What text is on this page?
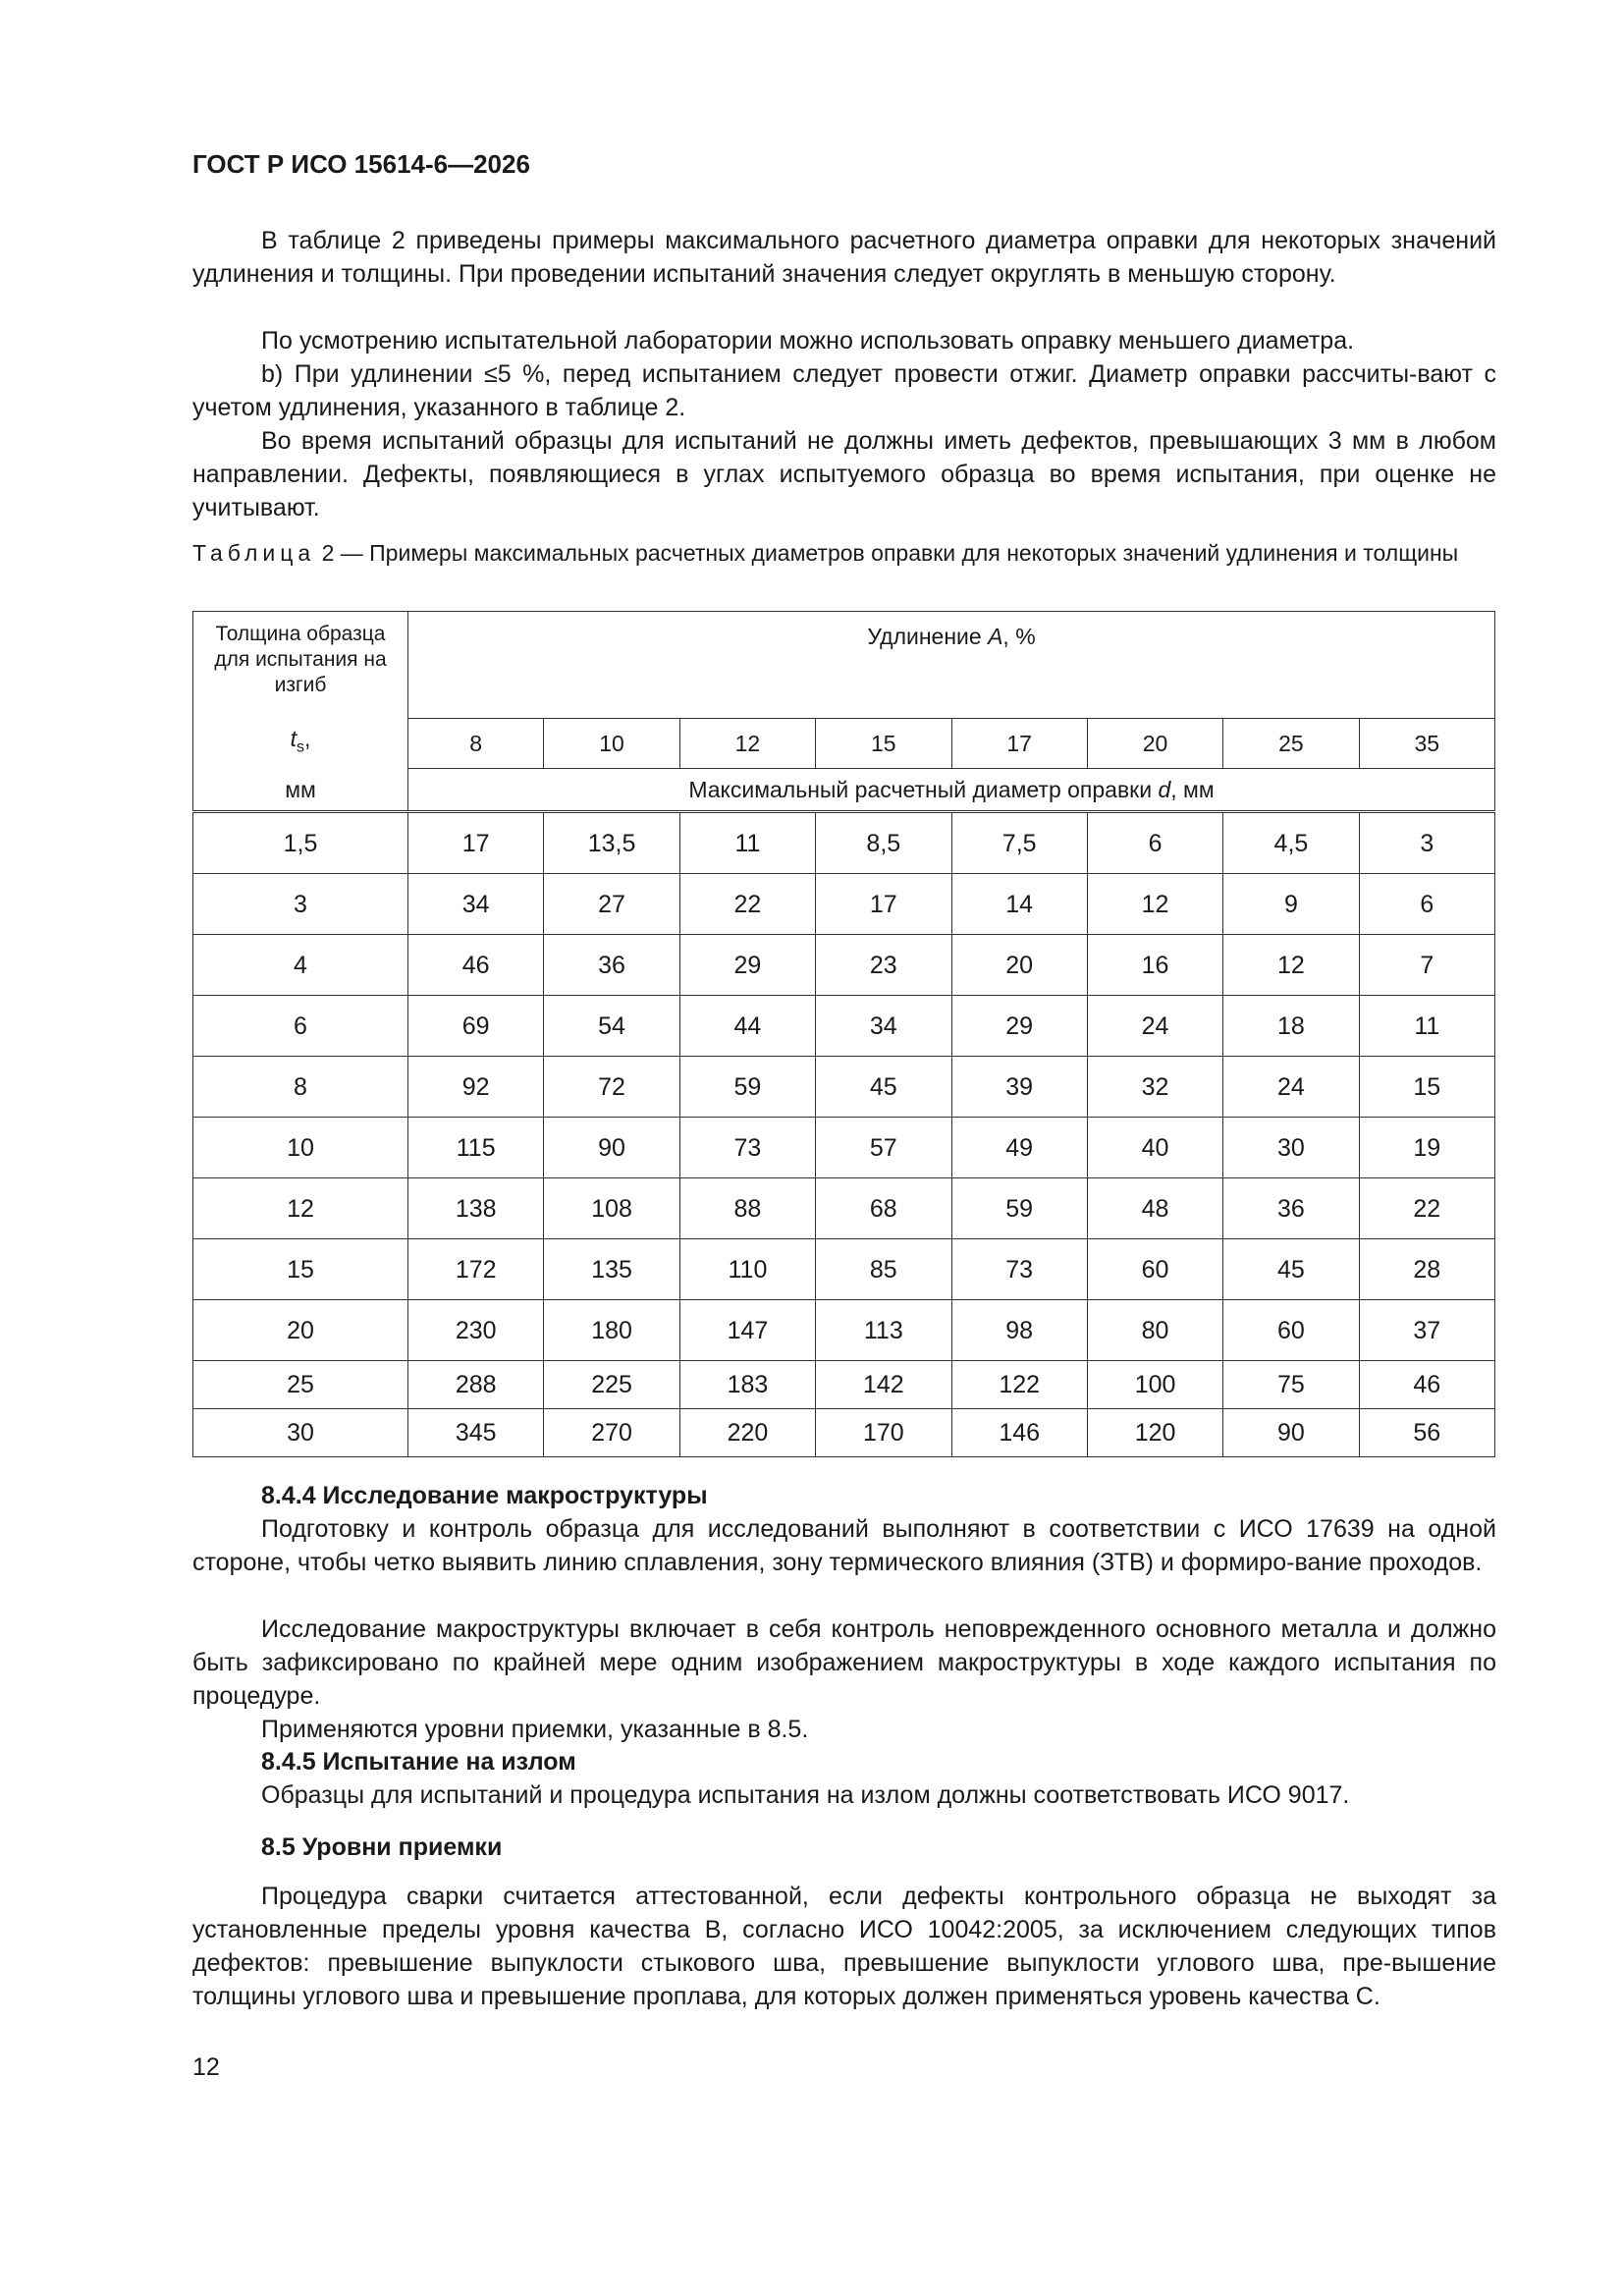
ГОСТ Р ИСО 15614-6—2026

В таблице 2 приведены примеры максимального расчетного диаметра оправки для некоторых значений удлинения и толщины. При проведении испытаний значения следует округлять в меньшую сторону.

По усмотрению испытательной лаборатории можно использовать оправку меньшего диаметра.

b) При удлинении ≤5 %, перед испытанием следует провести отжиг. Диаметр оправки рассчиты-вают с учетом удлинения, указанного в таблице 2.

Во время испытаний образцы для испытаний не должны иметь дефектов, превышающих 3 мм в любом направлении. Дефекты, появляющиеся в углах испытуемого образца во время испытания, при оценке не учитывают.

Таблица 2 — Примеры максимальных расчетных диаметров оправки для некоторых значений удлинения и толщины

Толщина образца для испытания на изгиб	Удлинение A, %							
$t_s$,	8	10	12	15	17	20	25	35
мм	Максимальный расчетный диаметр оправки d, мм							
1,5	17	13,5	11	8,5	7,5	6	4,5	3
3	34	27	22	17	14	12	9	6
4	46	36	29	23	20	16	12	7
6	69	54	44	34	29	24	18	11
8	92	72	59	45	39	32	24	15
10	115	90	73	57	49	40	30	19
12	138	108	88	68	59	48	36	22
15	172	135	110	85	73	60	45	28
20	230	180	147	113	98	80	60	37
25	288	225	183	142	122	100	75	46
30	345	270	220	170	146	120	90	56

8.4.4 Исследование макроструктуры

Подготовку и контроль образца для исследований выполняют в соответствии с ИСО 17639 на одной стороне, чтобы четко выявить линию сплавления, зону термического влияния (ЗТВ) и формиро-вание проходов.

Исследование макроструктуры включает в себя контроль неповрежденного основного металла и должно быть зафиксировано по крайней мере одним изображением макроструктуры в ходе каждого испытания по процедуре.

Применяются уровни приемки, указанные в 8.5.

8.4.5 Испытание на излом

Образцы для испытаний и процедура испытания на излом должны соответствовать ИСО 9017.

8.5 Уровни приемки

Процедура сварки считается аттестованной, если дефекты контрольного образца не выходят за установленные пределы уровня качества B, согласно ИСО 10042:2005, за исключением следующих типов дефектов: превышение выпуклости стыкового шва, превышение выпуклости углового шва, пре-вышение толщины углового шва и превышение проплава, для которых должен применяться уровень качества C.

12
